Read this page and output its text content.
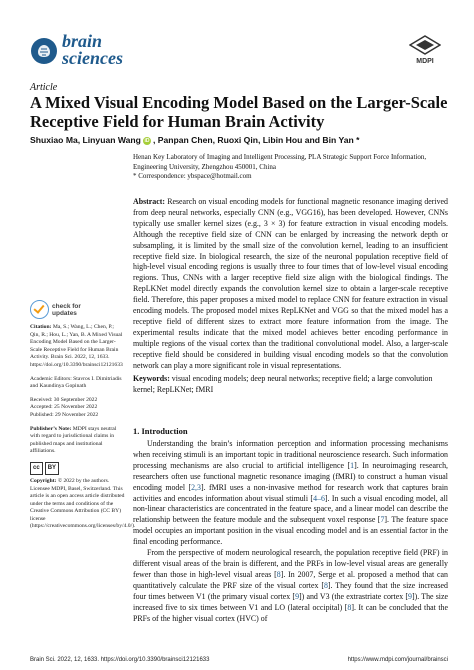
brain
sciences	MDPI
Article
A Mixed Visual Encoding Model Based on the Larger-Scale Receptive Field for Human Brain Activity
Shuxiao Ma, Linyuan Wang iD , Panpan Chen, Ruoxi Qin, Libin Hou and Bin Yan *
Henan Key Laboratory of Imaging and Intelligent Processing, PLA Strategic Support Force Information, Engineering University, Zhengzhou 450001, China
* Correspondence: ybspace@hotmail.com
Abstract: Research on visual encoding models for functional magnetic resonance imaging derived from deep neural networks, especially CNN (e.g., VGG16), has been developed. However, CNNs typically use smaller kernel sizes (e.g., 3 × 3) for feature extraction in visual encoding models. Although the receptive field size of CNN can be enlarged by increasing the network depth or subsampling, it is limited by the small size of the convolution kernel, leading to an insufficient receptive field size. In biological research, the size of the neuronal population receptive field of high-level visual encoding regions is usually three to four times that of low-level visual encoding regions. Thus, CNNs with a larger receptive field size align with the biological findings. The RepLKNet model directly expands the convolution kernel size to obtain a larger-scale receptive field. Therefore, this paper proposes a mixed model to replace CNN for feature extraction in visual encoding models. The proposed model mixes RepLKNet and VGG so that the mixed model has a receptive field of different sizes to extract more feature information from the image. The experimental results indicate that the mixed model achieves better encoding performance in multiple regions of the visual cortex than the traditional convolutional model. Also, a larger-scale receptive field should be considered in building visual encoding models so that the convolution network can play a more significant role in visual representations.
Keywords: visual encoding models; deep neural networks; receptive field; a large convolution kernel; RepLKNet; fMRI
check for
updates
Citation: Ma, S.; Wang, L.; Chen, P.; Qin, R.; Hou, L.; Yan, B. A Mixed Visual Encoding Model Based on the Larger-Scale Receptive Field for Human Brain Activity. Brain Sci. 2022, 12, 1633. https://doi.org/10.3390/brainsci12121633
Academic Editors: Stavros I. Dimitriadis and Kaundinya Gopinath
Received: 30 September 2022
Accepted: 25 November 2022
Published: 29 November 2022
Publisher’s Note: MDPI stays neutral with regard to jurisdictional claims in published maps and institutional affiliations.
cc	BY
Copyright: © 2022 by the authors. Licensee MDPI, Basel, Switzerland. This article is an open access article distributed under the terms and conditions of the Creative Commons Attribution (CC BY) license (https://creativecommons.org/licenses/by/4.0/).
1. Introduction

Understanding the brain’s information perception and information processing mechanisms when receiving stimuli is an important topic in traditional neuroscience research. Such information processing mechanisms are also crucial to artificial intelligence [1]. In neuroimaging research, researchers often use functional magnetic resonance imaging (fMRI) to construct a human visual encoding model [2,3]. fMRI uses a non-invasive method for research work that captures brain activities and encodes information about visual stimuli [4–6]. In such a visual encoding model, all non-linear characteristics are concentrated in the feature space, and a linear model can describe the relationship between the feature module and the subsequent voxel response [7]. The feature space model occupies an important position in the visual encoding model and is an essential factor in the final encoding performance.

From the perspective of modern neurological research, the population receptive field (PRF) in different visual areas of the brain is different, and the PRFs in low-level visual areas are generally fewer than those in high-level visual areas [8]. In 2007, Serge et al. proposed a method that can quantitatively calculate the PRF size of the visual cortex [8]. They found that the size increased four times between V1 (the primary visual cortex [9]) and V3 (the extrastriate cortex [9]). The size increased five to six times between V1 and LO (lateral occipital) [8]. It can be concluded that the PRFs of the higher visual cortex (HVC) of

Brain Sci. 2022, 12, 1633. https://doi.org/10.3390/brainsci12121633	https://www.mdpi.com/journal/brainsci
